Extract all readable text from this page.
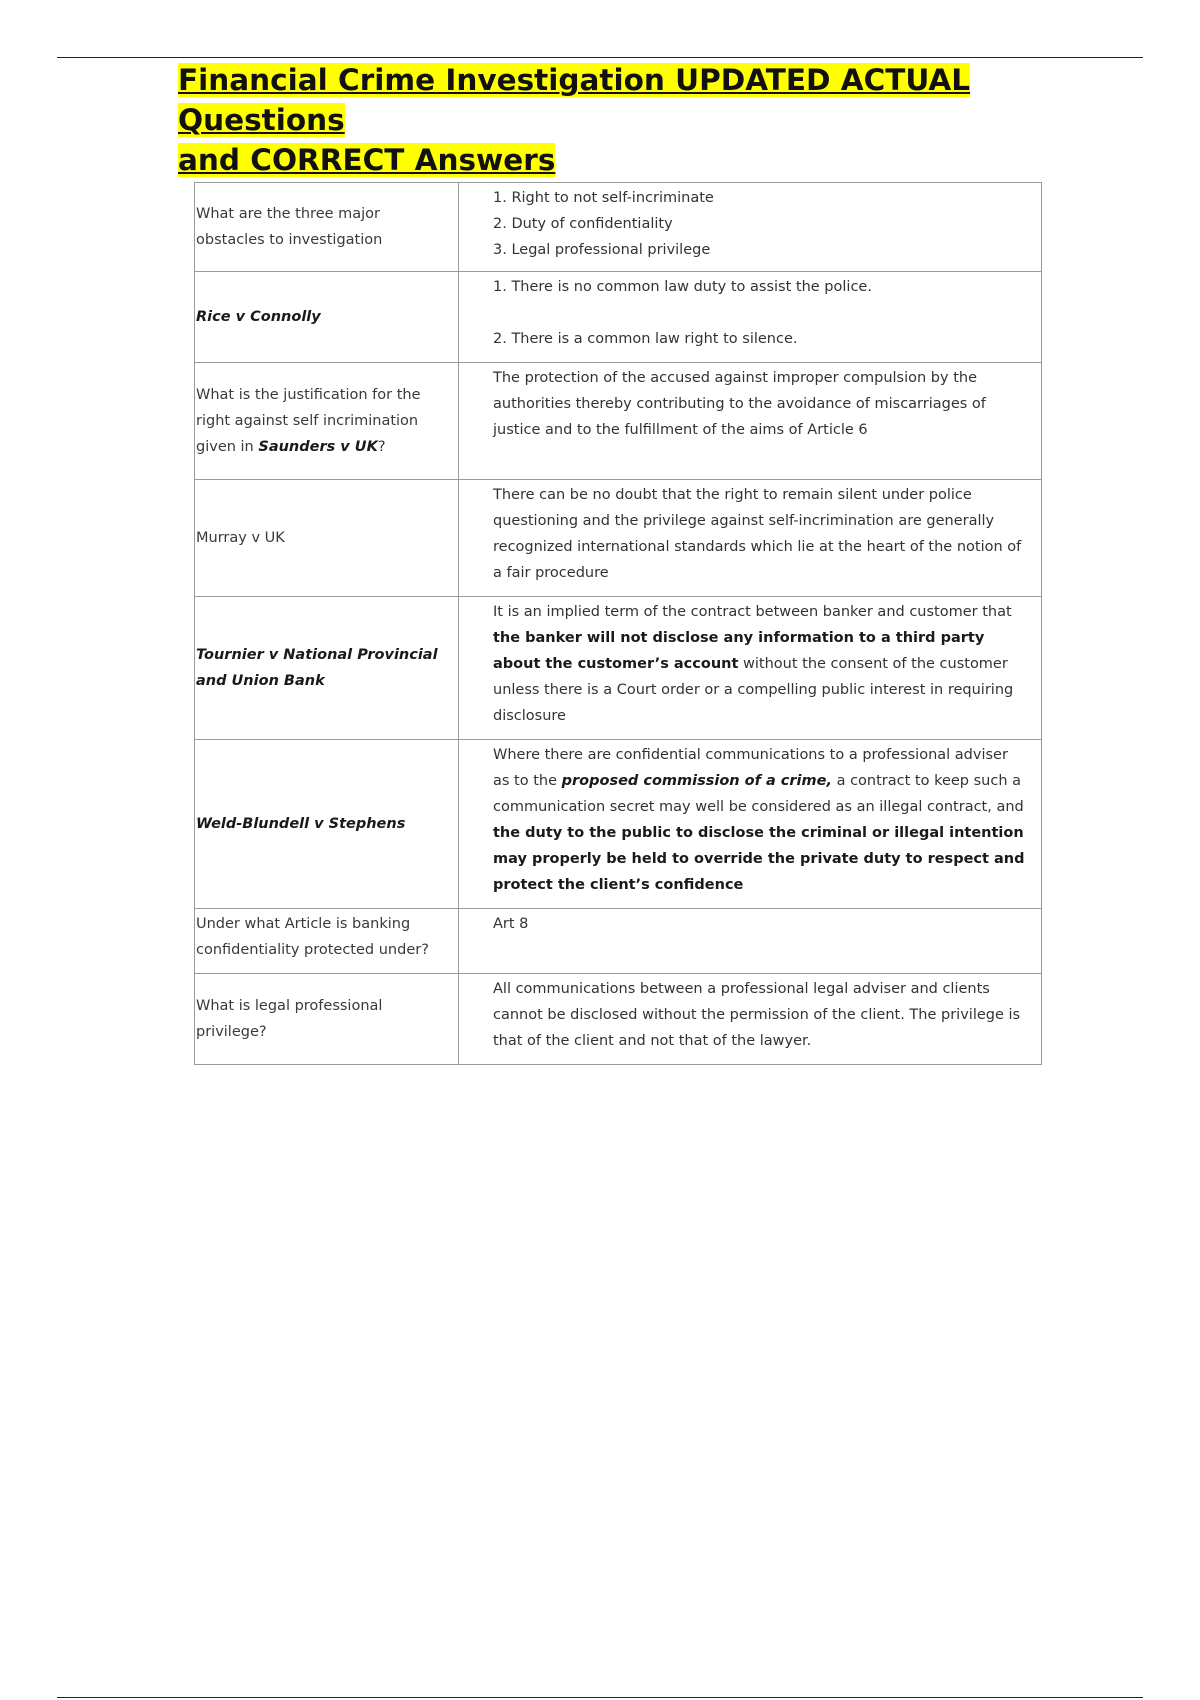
Financial Crime Investigation UPDATED ACTUAL Questions
and CORRECT Answers
What are the three major obstacles to investigation	1. Right to not self-incriminate
2. Duty of confidentiality
3. Legal professional privilege

Rice v Connolly	1. There is no common law duty to assist the police.
2. There is a common law right to silence.

What is the justification for the right against self incrimination given in Saunders v UK?	The protection of the accused against improper compulsion by the authorities thereby contributing to the avoidance of miscarriages of justice and to the fulfillment of the aims of Article 6
Murray v UK	There can be no doubt that the right to remain silent under police questioning and the privilege against self-incrimination are generally recognized international standards which lie at the heart of the notion of a fair procedure
Tournier v National Provincial and Union Bank	It is an implied term of the contract between banker and customer that the banker will not disclose any information to a third party about the customer’s account without the consent of the customer unless there is a Court order or a compelling public interest in requiring disclosure
Weld-Blundell v Stephens	Where there are confidential communications to a professional adviser as to the proposed commission of a crime, a contract to keep such a communication secret may well be considered as an illegal contract, and the duty to the public to disclose the criminal or illegal intention may properly be held to override the private duty to respect and protect the client’s confidence
Under what Article is banking confidentiality protected under?	Art 8
What is legal professional privilege?	All communications between a professional legal adviser and clients cannot be disclosed without the permission of the client. The privilege is that of the client and not that of the lawyer.
